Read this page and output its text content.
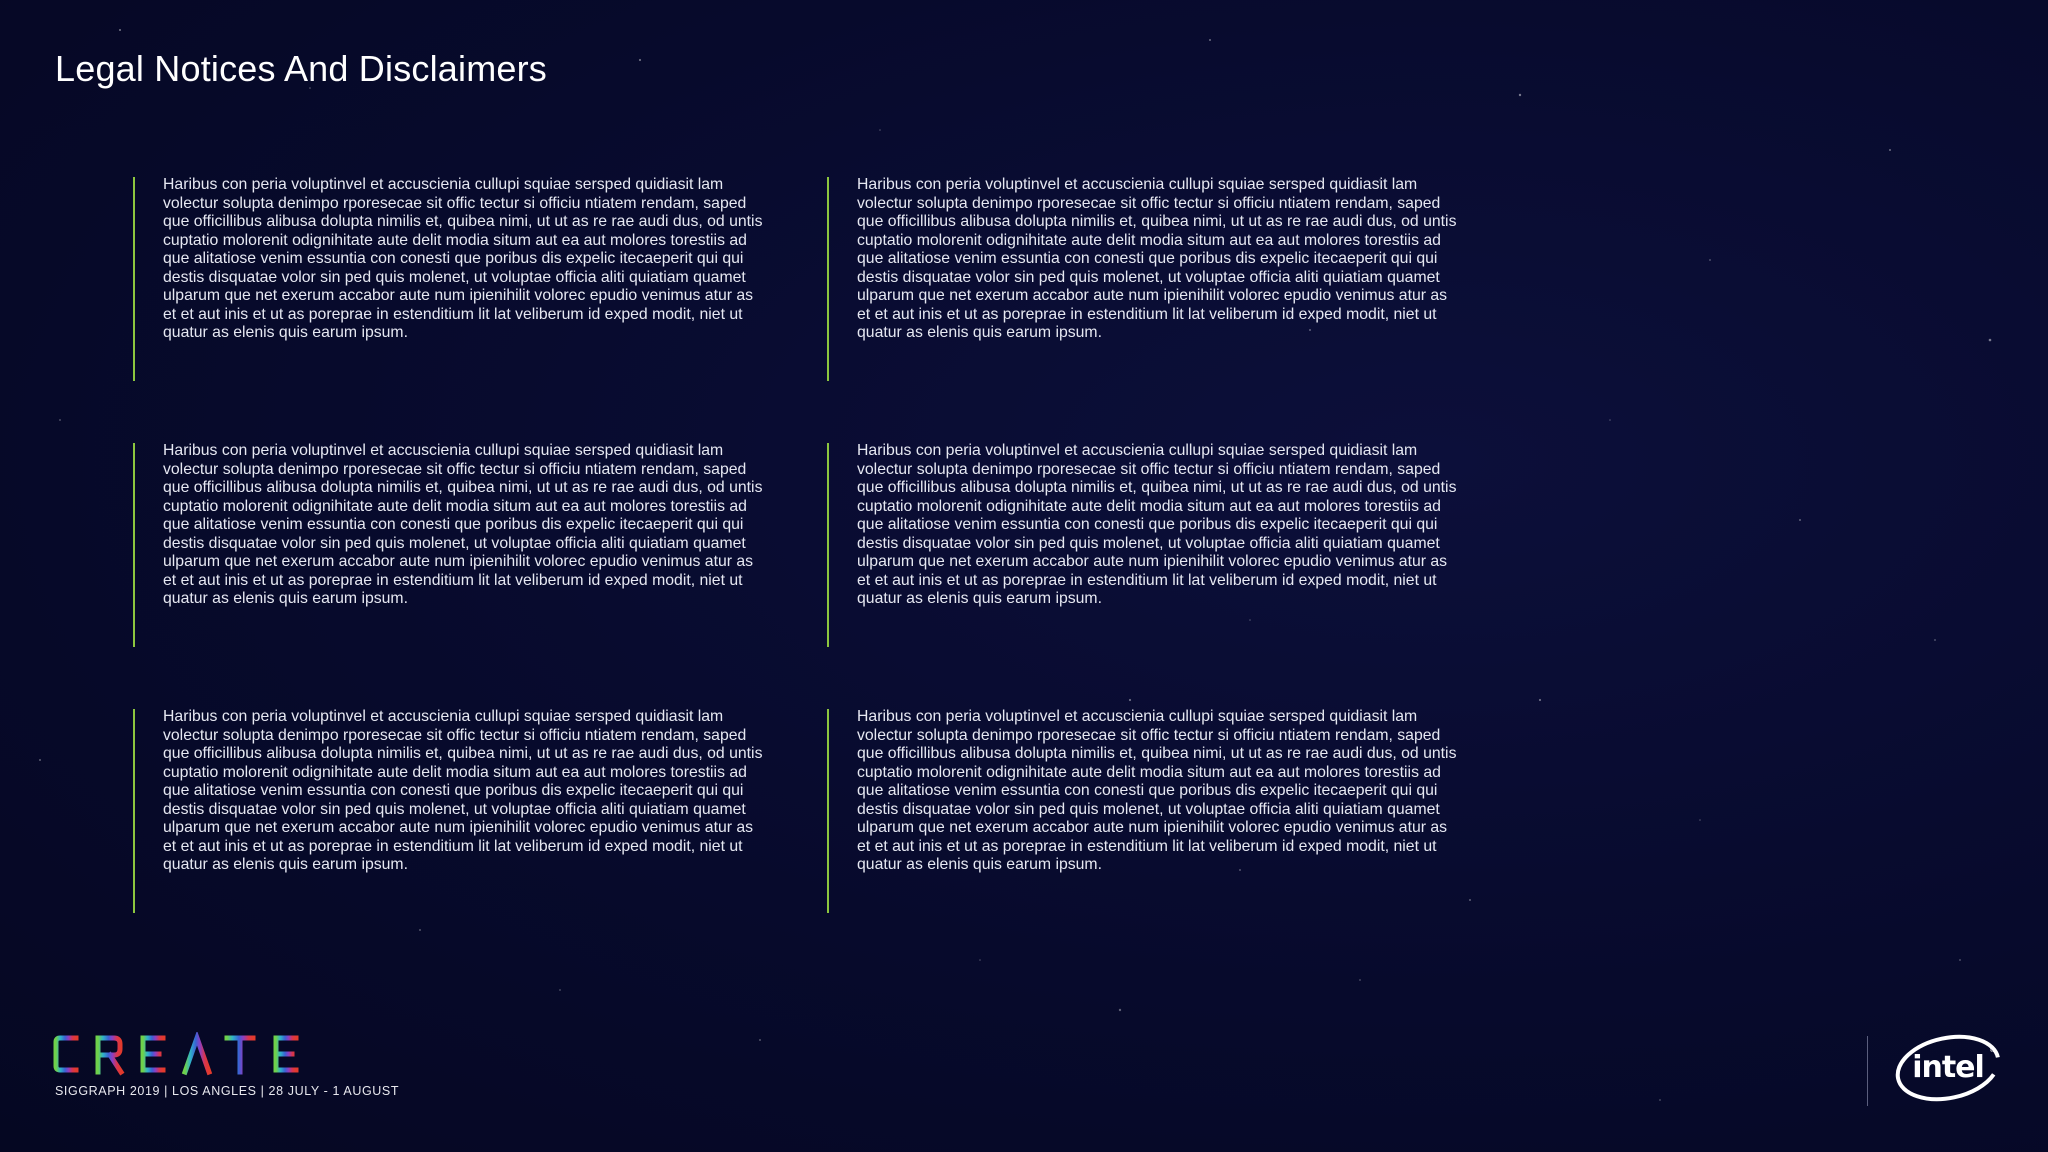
Legal Notices And Disclaimers

Haribus con peria voluptinvel et accuscienia cullupi squiae sersped quidiasit lam volectur solupta denimpo rporesecae sit offic tectur si officiu ntiatem rendam, saped que officillibus alibusa dolupta nimilis et, quibea nimi, ut ut as re rae audi dus, od untis cuptatio molorenit odignihitate aute delit modia situm aut ea aut molores torestiis ad que alitatiose venim essuntia con conesti que poribus dis expelic itecaeperit qui qui destis disquatae volor sin ped quis molenet, ut voluptae officia aliti quiatiam quamet ulparum que net exerum accabor aute num ipienihilit volorec epudio venimus atur as et et aut inis et ut as poreprae in estenditium lit lat veliberum id exped modit, niet ut quatur as elenis quis earum ipsum.

Haribus con peria voluptinvel et accuscienia cullupi squiae sersped quidiasit lam volectur solupta denimpo rporesecae sit offic tectur si officiu ntiatem rendam, saped que officillibus alibusa dolupta nimilis et, quibea nimi, ut ut as re rae audi dus, od untis cuptatio molorenit odignihitate aute delit modia situm aut ea aut molores torestiis ad que alitatiose venim essuntia con conesti que poribus dis expelic itecaeperit qui qui destis disquatae volor sin ped quis molenet, ut voluptae officia aliti quiatiam quamet ulparum que net exerum accabor aute num ipienihilit volorec epudio venimus atur as et et aut inis et ut as poreprae in estenditium lit lat veliberum id exped modit, niet ut quatur as elenis quis earum ipsum.

Haribus con peria voluptinvel et accuscienia cullupi squiae sersped quidiasit lam volectur solupta denimpo rporesecae sit offic tectur si officiu ntiatem rendam, saped que officillibus alibusa dolupta nimilis et, quibea nimi, ut ut as re rae audi dus, od untis cuptatio molorenit odignihitate aute delit modia situm aut ea aut molores torestiis ad que alitatiose venim essuntia con conesti que poribus dis expelic itecaeperit qui qui destis disquatae volor sin ped quis molenet, ut voluptae officia aliti quiatiam quamet ulparum que net exerum accabor aute num ipienihilit volorec epudio venimus atur as et et aut inis et ut as poreprae in estenditium lit lat veliberum id exped modit, niet ut quatur as elenis quis earum ipsum.

Haribus con peria voluptinvel et accuscienia cullupi squiae sersped quidiasit lam volectur solupta denimpo rporesecae sit offic tectur si officiu ntiatem rendam, saped que officillibus alibusa dolupta nimilis et, quibea nimi, ut ut as re rae audi dus, od untis cuptatio molorenit odignihitate aute delit modia situm aut ea aut molores torestiis ad que alitatiose venim essuntia con conesti que poribus dis expelic itecaeperit qui qui destis disquatae volor sin ped quis molenet, ut voluptae officia aliti quiatiam quamet ulparum que net exerum accabor aute num ipienihilit volorec epudio venimus atur as et et aut inis et ut as poreprae in estenditium lit lat veliberum id exped modit, niet ut quatur as elenis quis earum ipsum.

Haribus con peria voluptinvel et accuscienia cullupi squiae sersped quidiasit lam volectur solupta denimpo rporesecae sit offic tectur si officiu ntiatem rendam, saped que officillibus alibusa dolupta nimilis et, quibea nimi, ut ut as re rae audi dus, od untis cuptatio molorenit odignihitate aute delit modia situm aut ea aut molores torestiis ad que alitatiose venim essuntia con conesti que poribus dis expelic itecaeperit qui qui destis disquatae volor sin ped quis molenet, ut voluptae officia aliti quiatiam quamet ulparum que net exerum accabor aute num ipienihilit volorec epudio venimus atur as et et aut inis et ut as poreprae in estenditium lit lat veliberum id exped modit, niet ut quatur as elenis quis earum ipsum.

Haribus con peria voluptinvel et accuscienia cullupi squiae sersped quidiasit lam volectur solupta denimpo rporesecae sit offic tectur si officiu ntiatem rendam, saped que officillibus alibusa dolupta nimilis et, quibea nimi, ut ut as re rae audi dus, od untis cuptatio molorenit odignihitate aute delit modia situm aut ea aut molores torestiis ad que alitatiose venim essuntia con conesti que poribus dis expelic itecaeperit qui qui destis disquatae volor sin ped quis molenet, ut voluptae officia aliti quiatiam quamet ulparum que net exerum accabor aute num ipienihilit volorec epudio venimus atur as et et aut inis et ut as poreprae in estenditium lit lat veliberum id exped modit, niet ut quatur as elenis quis earum ipsum.

SIGGRAPH 2019 | LOS ANGLES | 28 JULY - 1 AUGUST
intel ®
